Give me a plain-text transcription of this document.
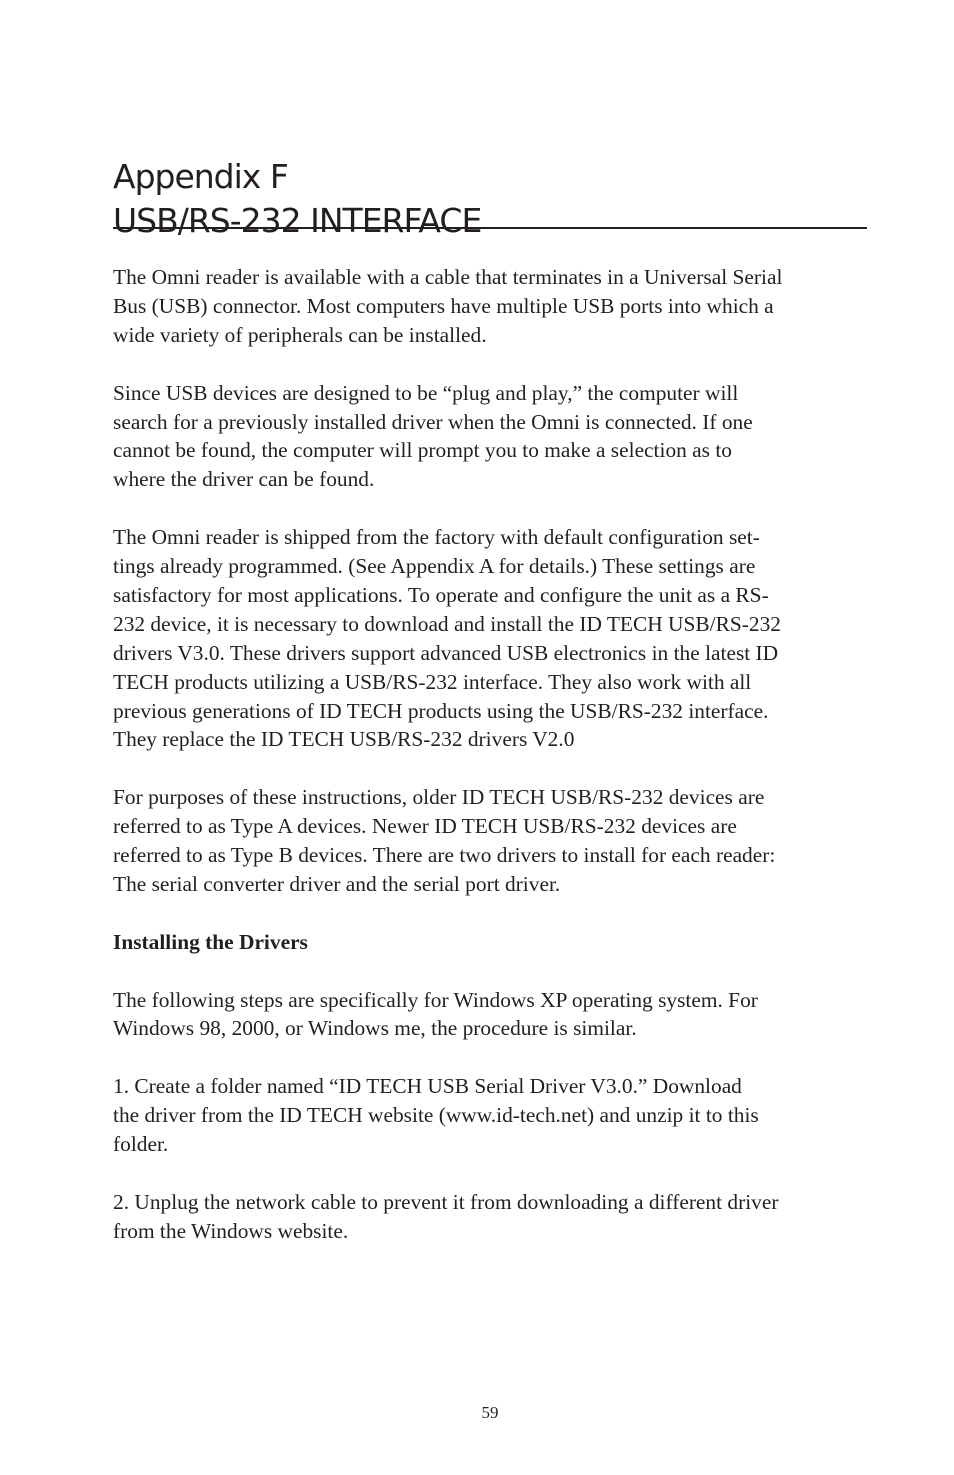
Appendix F
USB/RS-232 INTERFACE

The Omni reader is available with a cable that terminates in a Universal Serial
Bus (USB) connector. Most computers have multiple USB ports into which a
wide variety of peripherals can be installed.

Since USB devices are designed to be “plug and play,” the computer will
search for a previously installed driver when the Omni is connected. If one
cannot be found, the computer will prompt you to make a selection as to
where the driver can be found.

The Omni reader is shipped from the factory with default configuration set-
tings already programmed. (See Appendix A for details.) These settings are
satisfactory for most applications. To operate and configure the unit as a RS-
232 device, it is necessary to download and install the ID TECH USB/RS-232
drivers V3.0. These drivers support advanced USB electronics in the latest ID
TECH products utilizing a USB/RS-232 interface. They also work with all
previous generations of ID TECH products using the USB/RS-232 interface.
They replace the ID TECH USB/RS-232 drivers V2.0

For purposes of these instructions, older ID TECH USB/RS-232 devices are
referred to as Type A devices. Newer ID TECH USB/RS-232 devices are
referred to as Type B devices. There are two drivers to install for each reader:
The serial converter driver and the serial port driver.

Installing the Drivers

The following steps are specifically for Windows XP operating system. For
Windows 98, 2000, or Windows me, the procedure is similar.

1. Create a folder named “ID TECH USB Serial Driver V3.0.” Download
the driver from the ID TECH website (www.id-tech.net) and unzip it to this
folder.

2. Unplug the network cable to prevent it from downloading a different driver
from the Windows website.

59
